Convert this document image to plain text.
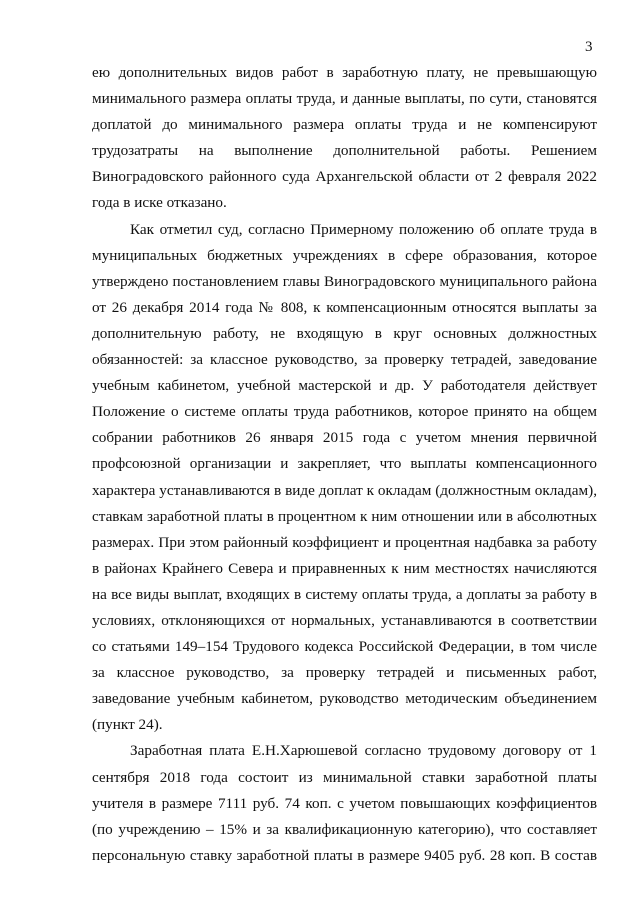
3
ею дополнительных видов работ в заработную плату, не превышающую
минимального размера оплаты труда, и данные выплаты, по сути, становятся
доплатой до минимального размера оплаты труда и не компенсируют
трудозатраты на выполнение дополнительной работы. Решением
Виноградовского районного суда Архангельской области от 2 февраля 2022
года в иске отказано.
Как отметил суд, согласно Примерному положению об оплате труда в
муниципальных бюджетных учреждениях в сфере образования, которое
утверждено постановлением главы Виноградовского муниципального района
от 26 декабря 2014 года № 808, к компенсационным относятся выплаты за
дополнительную работу, не входящую в круг основных должностных
обязанностей: за классное руководство, за проверку тетрадей, заведование
учебным кабинетом, учебной мастерской и др. У работодателя действует
Положение о системе оплаты труда работников, которое принято на общем
собрании работников 26 января 2015 года с учетом мнения первичной
профсоюзной организации и закрепляет, что выплаты компенсационного
характера устанавливаются в виде доплат к окладам (должностным окладам),
ставкам заработной платы в процентном к ним отношении или в абсолютных
размерах. При этом районный коэффициент и процентная надбавка за работу
в районах Крайнего Севера и приравненных к ним местностях начисляются
на все виды выплат, входящих в систему оплаты труда, а доплаты за работу в
условиях, отклоняющихся от нормальных, устанавливаются в соответствии
со статьями 149–154 Трудового кодекса Российской Федерации, в том числе
за классное руководство, за проверку тетрадей и письменных работ,
заведование учебным кабинетом, руководство методическим объединением
(пункт 24).
Заработная плата Е.Н.Харюшевой согласно трудовому договору от 1
сентября 2018 года состоит из минимальной ставки заработной платы
учителя в размере 7111 руб. 74 коп. с учетом повышающих коэффициентов
(по учреждению – 15% и за квалификационную категорию), что составляет
персональную ставку заработной платы в размере 9405 руб. 28 коп. В состав
